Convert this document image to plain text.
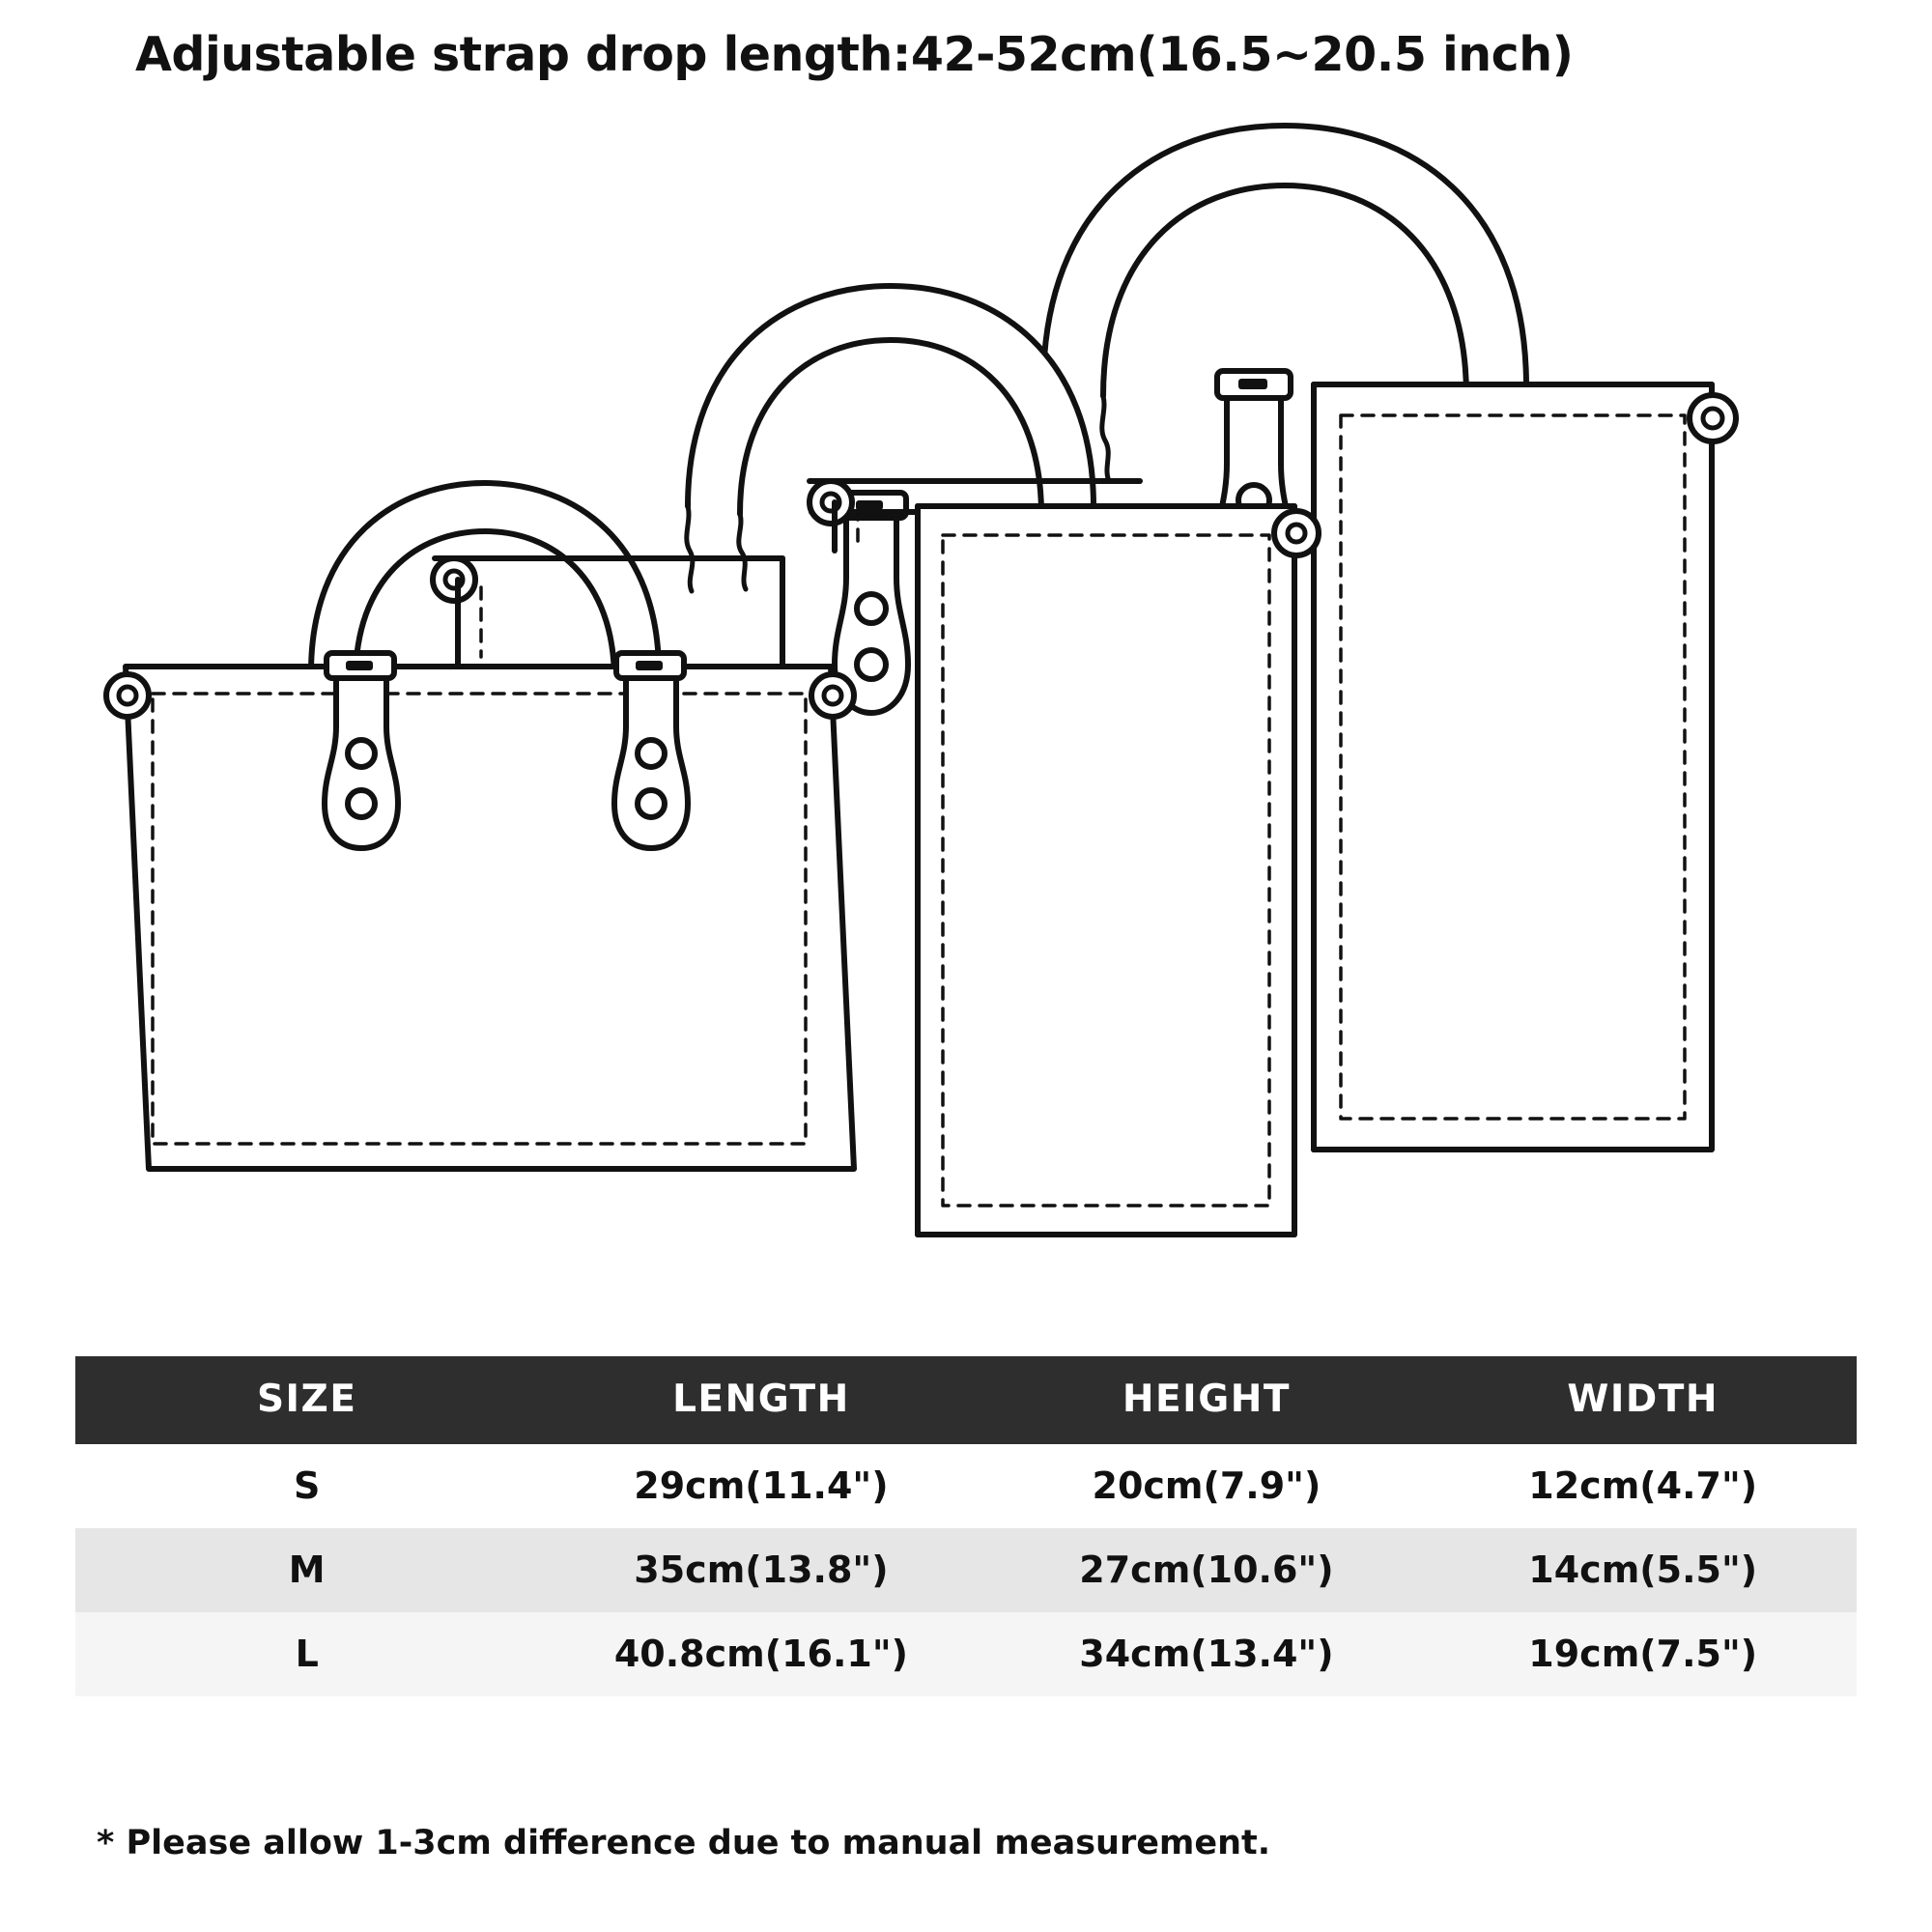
Adjustable strap drop length:42-52cm(16.5~20.5 inch)
SIZE	LENGTH	HEIGHT	WIDTH
S	29cm(11.4")	20cm(7.9")	12cm(4.7")
M	35cm(13.8")	27cm(10.6")	14cm(5.5")
L	40.8cm(16.1")	34cm(13.4")	19cm(7.5")
* Please allow 1-3cm difference due to manual measurement.
